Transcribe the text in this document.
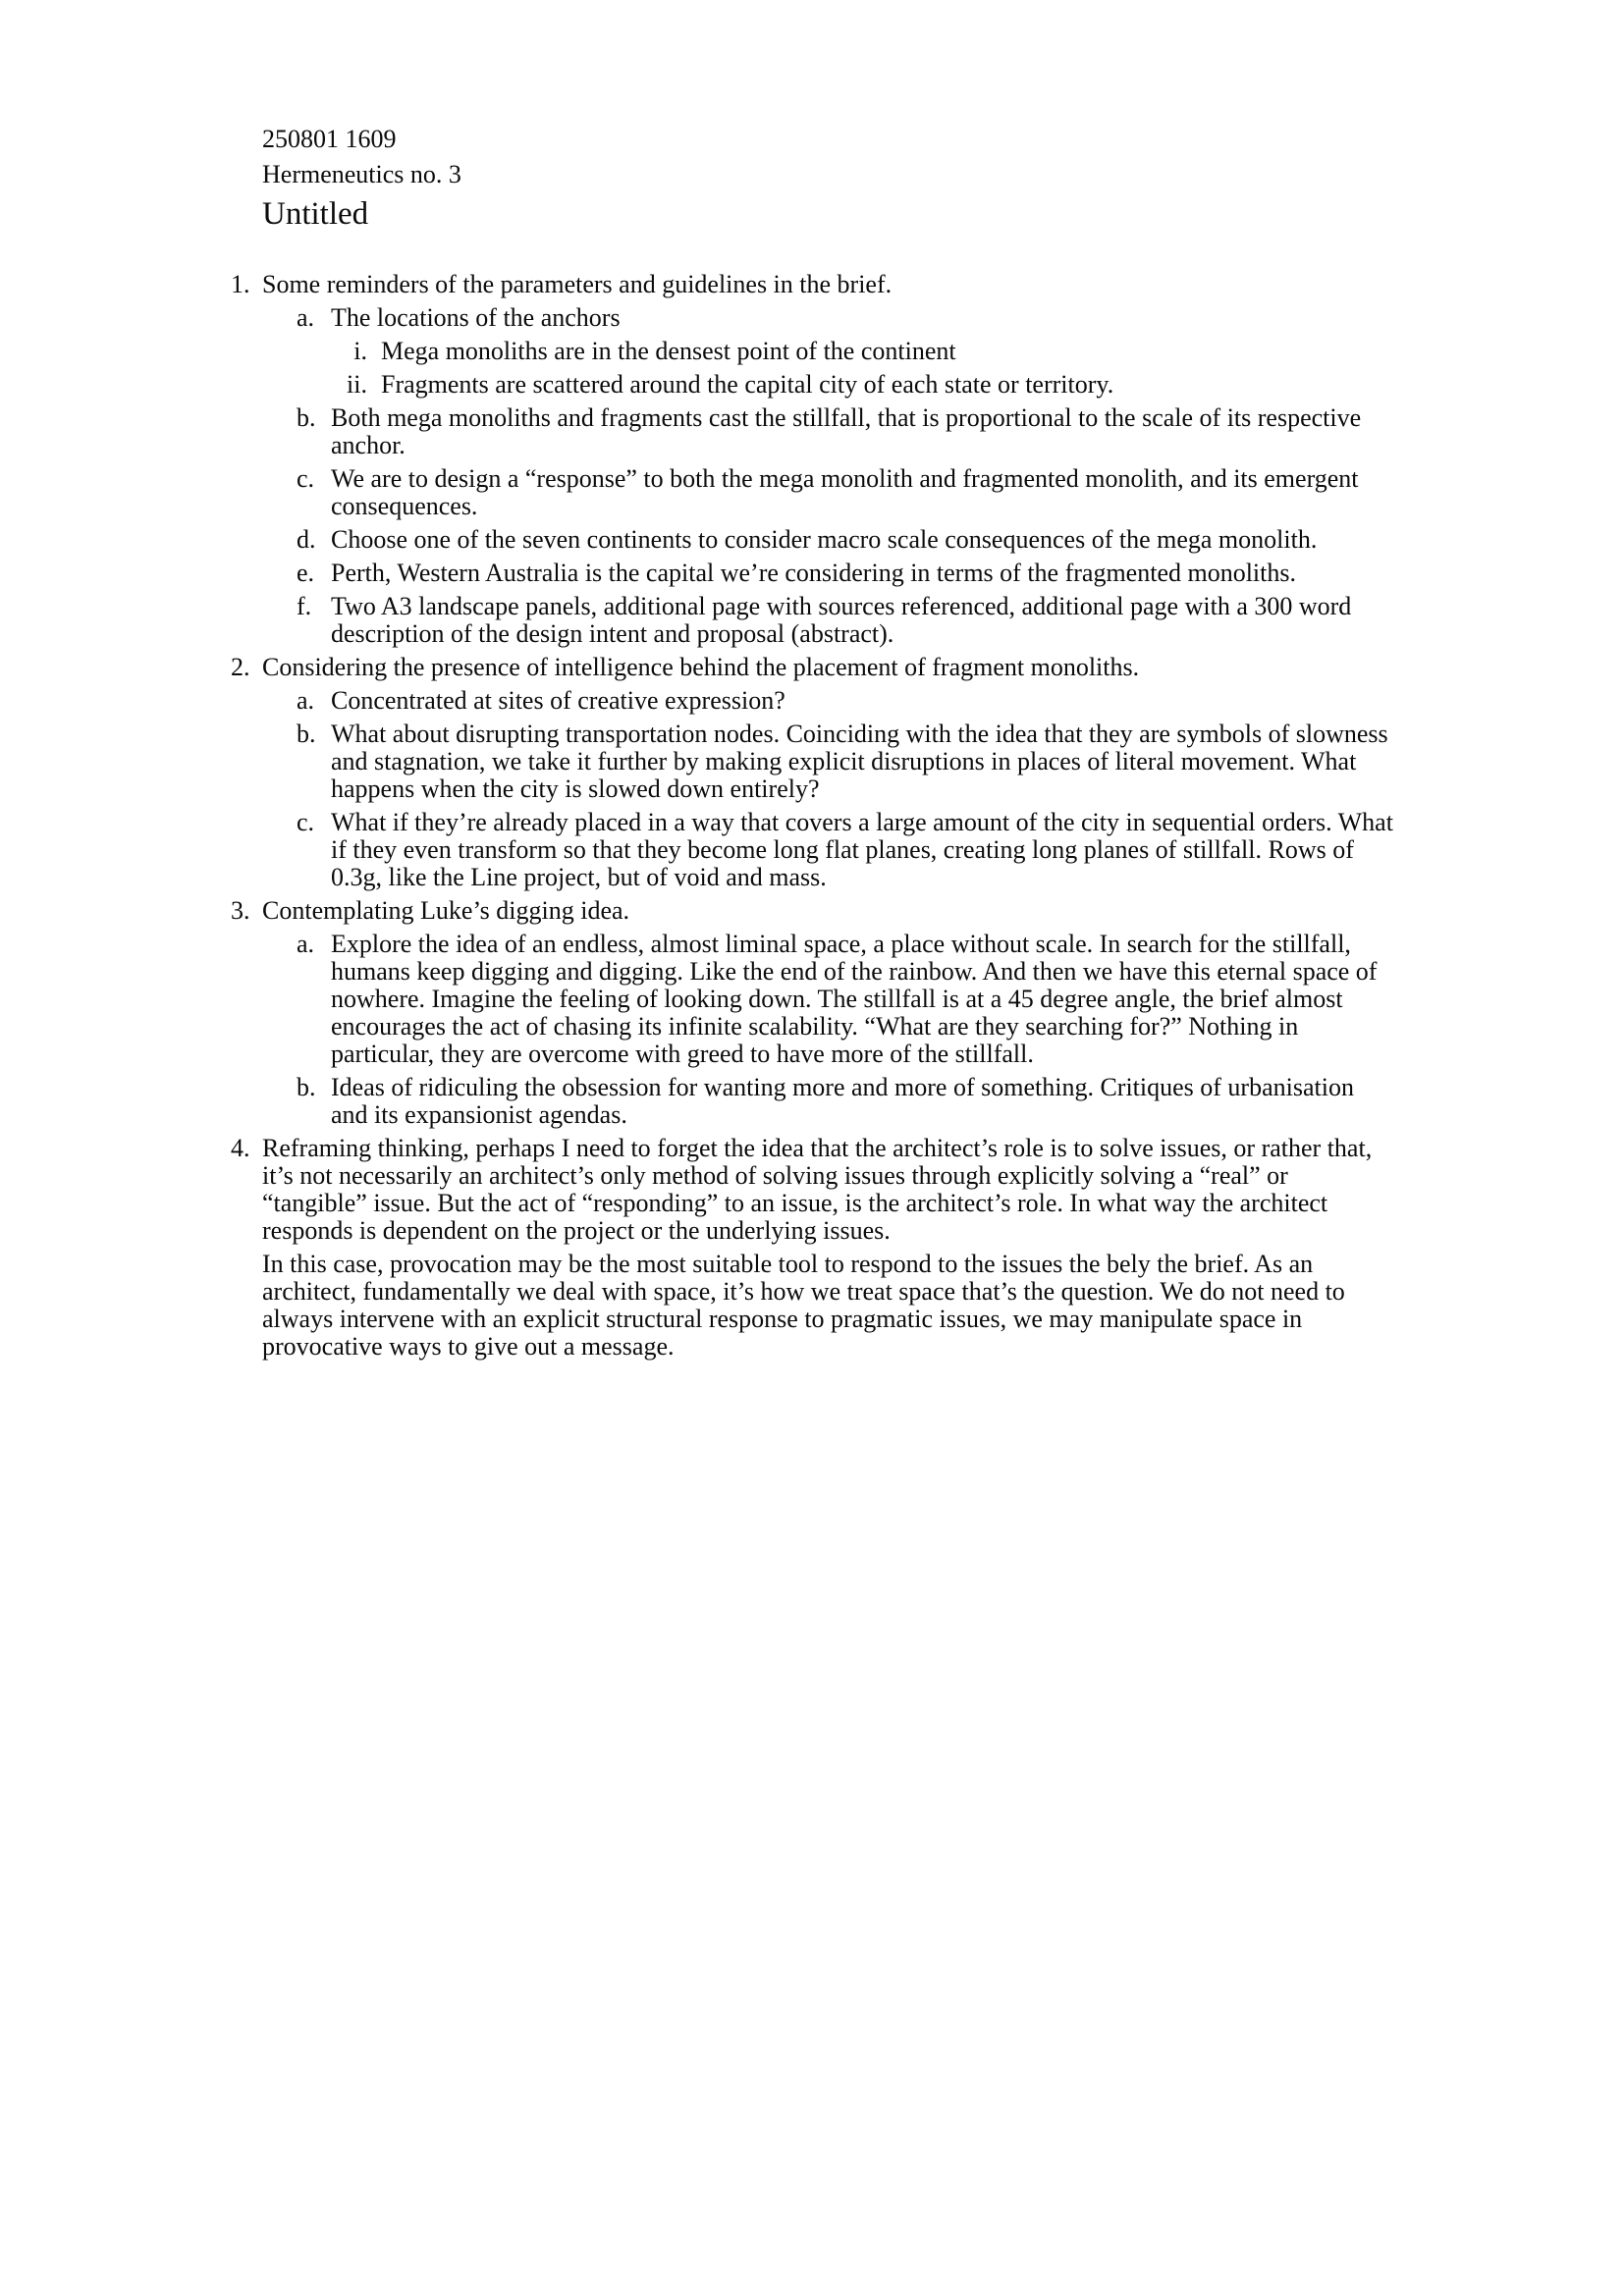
250801 1609

Hermeneutics no. 3

Untitled

1. Some reminders of the parameters and guidelines in the brief.
a. The locations of the anchors
i. Mega monoliths are in the densest point of the continent
ii. Fragments are scattered around the capital city of each state or territory.
b. Both mega monoliths and fragments cast the stillfall, that is proportional to the scale of its respective anchor.
c. We are to design a “response” to both the mega monolith and fragmented monolith, and its emergent consequences.
d. Choose one of the seven continents to consider macro scale consequences of the mega monolith.
e. Perth, Western Australia is the capital we’re considering in terms of the fragmented monoliths.
f. Two A3 landscape panels, additional page with sources referenced, additional page with a 300 word description of the design intent and proposal (abstract).
2. Considering the presence of intelligence behind the placement of fragment monoliths.
a. Concentrated at sites of creative expression?
b. What about disrupting transportation nodes. Coinciding with the idea that they are symbols of slowness and stagnation, we take it further by making explicit disruptions in places of literal movement. What happens when the city is slowed down entirely?
c. What if they’re already placed in a way that covers a large amount of the city in sequential orders. What if they even transform so that they become long flat planes, creating long planes of stillfall. Rows of 0.3g, like the Line project, but of void and mass.
3. Contemplating Luke’s digging idea.
a. Explore the idea of an endless, almost liminal space, a place without scale. In search for the stillfall, humans keep digging and digging. Like the end of the rainbow. And then we have this eternal space of nowhere. Imagine the feeling of looking down. The stillfall is at a 45 degree angle, the brief almost encourages the act of chasing its infinite scalability. “What are they searching for?” Nothing in particular, they are overcome with greed to have more of the stillfall.
b. Ideas of ridiculing the obsession for wanting more and more of something. Critiques of urbanisation and its expansionist agendas.
4. Reframing thinking, perhaps I need to forget the idea that the architect’s role is to solve issues, or rather that, it’s not necessarily an architect’s only method of solving issues through explicitly solving a “real” or “tangible” issue. But the act of “responding” to an issue, is the architect’s role. In what way the architect responds is dependent on the project or the underlying issues.
In this case, provocation may be the most suitable tool to respond to the issues the bely the brief. As an architect, fundamentally we deal with space, it’s how we treat space that’s the question. We do not need to always intervene with an explicit structural response to pragmatic issues, we may manipulate space in provocative ways to give out a message.
